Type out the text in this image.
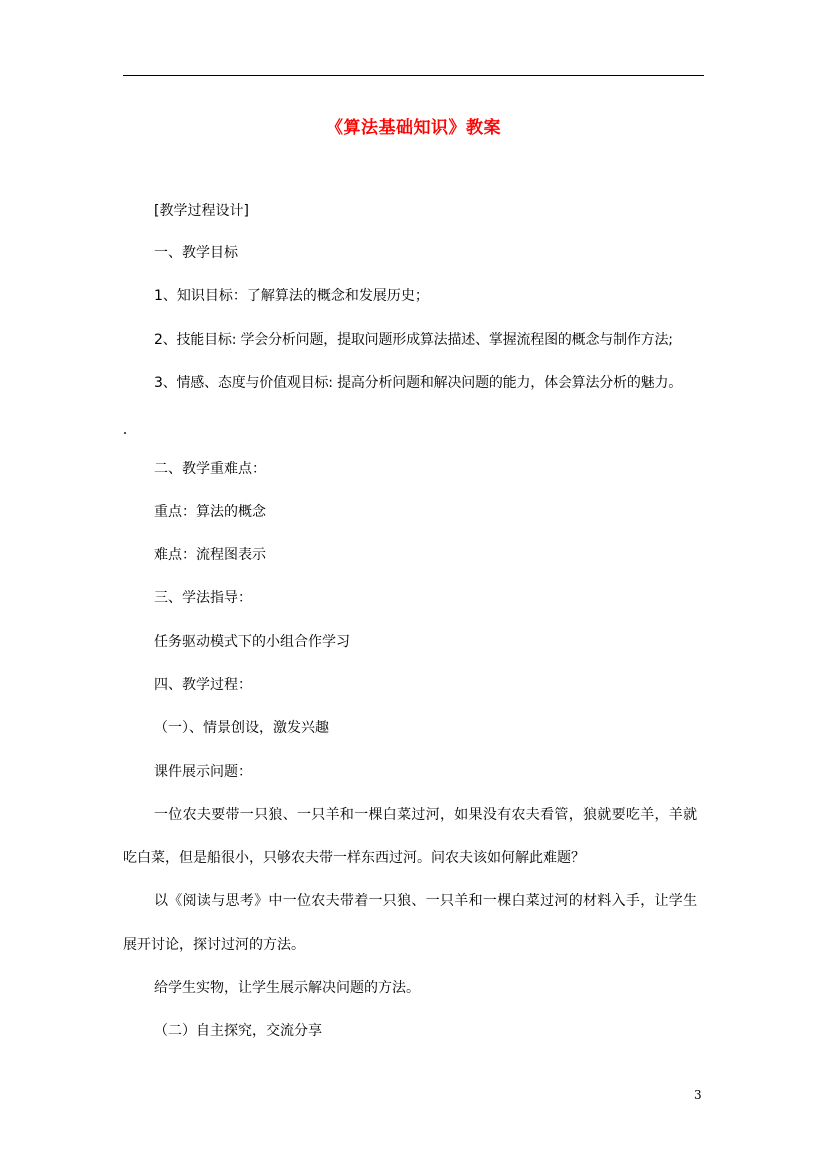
《算法基础知识》教案
[教学过程设计]
一、教学目标
1、知识目标：了解算法的概念和发展历史；
2、技能目标: 学会分析问题，提取问题形成算法描述、掌握流程图的概念与制作方法;
3、情感、态度与价值观目标: 提高分析问题和解决问题的能力，体会算法分析的魅力。
二、教学重难点：
重点：算法的概念
难点：流程图表示
三、学法指导：
任务驱动模式下的小组合作学习
四、教学过程：
（一）、情景创设，激发兴趣
课件展示问题：
一位农夫要带一只狼、一只羊和一棵白菜过河，如果没有农夫看管，狼就要吃羊，羊就
吃白菜，但是船很小，只够农夫带一样东西过河。问农夫该如何解此难题？
以《阅读与思考》中一位农夫带着一只狼、一只羊和一棵白菜过河的材料入手，让学生
展开讨论，探讨过河的方法。
给学生实物，让学生展示解决问题的方法。
（二）自主探究，交流分享
3
